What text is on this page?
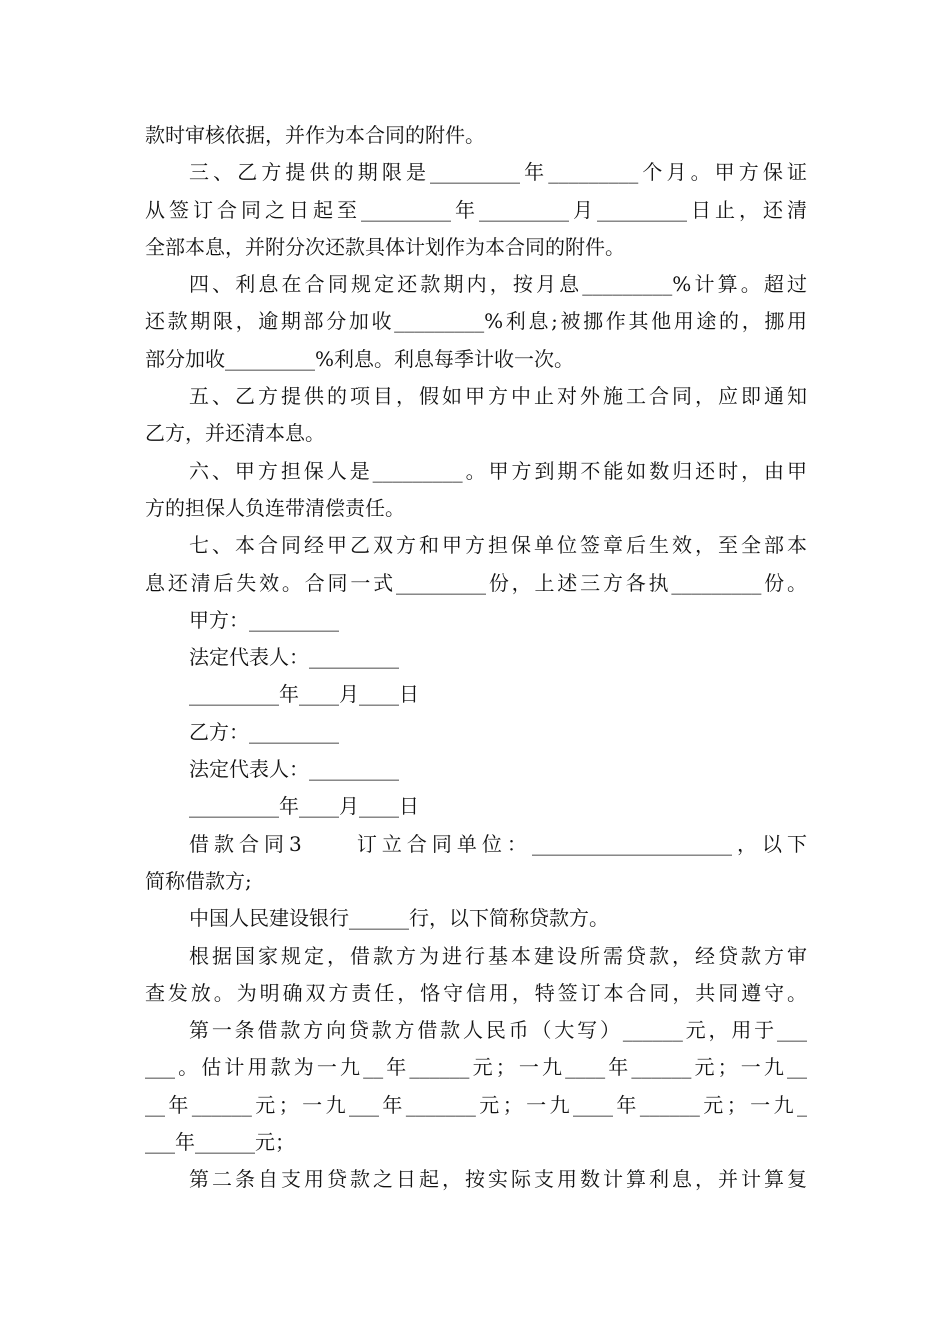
款时审核依据，并作为本合同的附件。
三、乙方提供的期限是_________年_________个月。甲方保证
从签订合同之日起至_________年_________月_________日止，还清
全部本息，并附分次还款具体计划作为本合同的附件。
四、利息在合同规定还款期内，按月息_________%计算。超过
还款期限，逾期部分加收_________%利息;被挪作其他用途的，挪用
部分加收_________%利息。利息每季计收一次。
五、乙方提供的项目，假如甲方中止对外施工合同，应即通知
乙方，并还清本息。
六、甲方担保人是_________。甲方到期不能如数归还时，由甲
方的担保人负连带清偿责任。
七、本合同经甲乙双方和甲方担保单位签章后生效，至全部本
息还清后失效。合同一式_________份，上述三方各执_________份。
甲方：_________
法定代表人：_________
_________年____月____日
乙方：_________
法定代表人：_________
_________年____月____日
借款合同3　　订立合同单位：____________________，以下
简称借款方;
中国人民建设银行______行，以下简称贷款方。
根据国家规定，借款方为进行基本建设所需贷款，经贷款方审
查发放。为明确双方责任，恪守信用，特签订本合同，共同遵守。
第一条借款方向贷款方借款人民币（大写）______元，用于___
___。估计用款为一九__年______元；一九____年______元；一九__
__年______元；一九___年_______元；一九____年______元；一九_
___年______元；
第二条自支用贷款之日起，按实际支用数计算利息，并计算复
